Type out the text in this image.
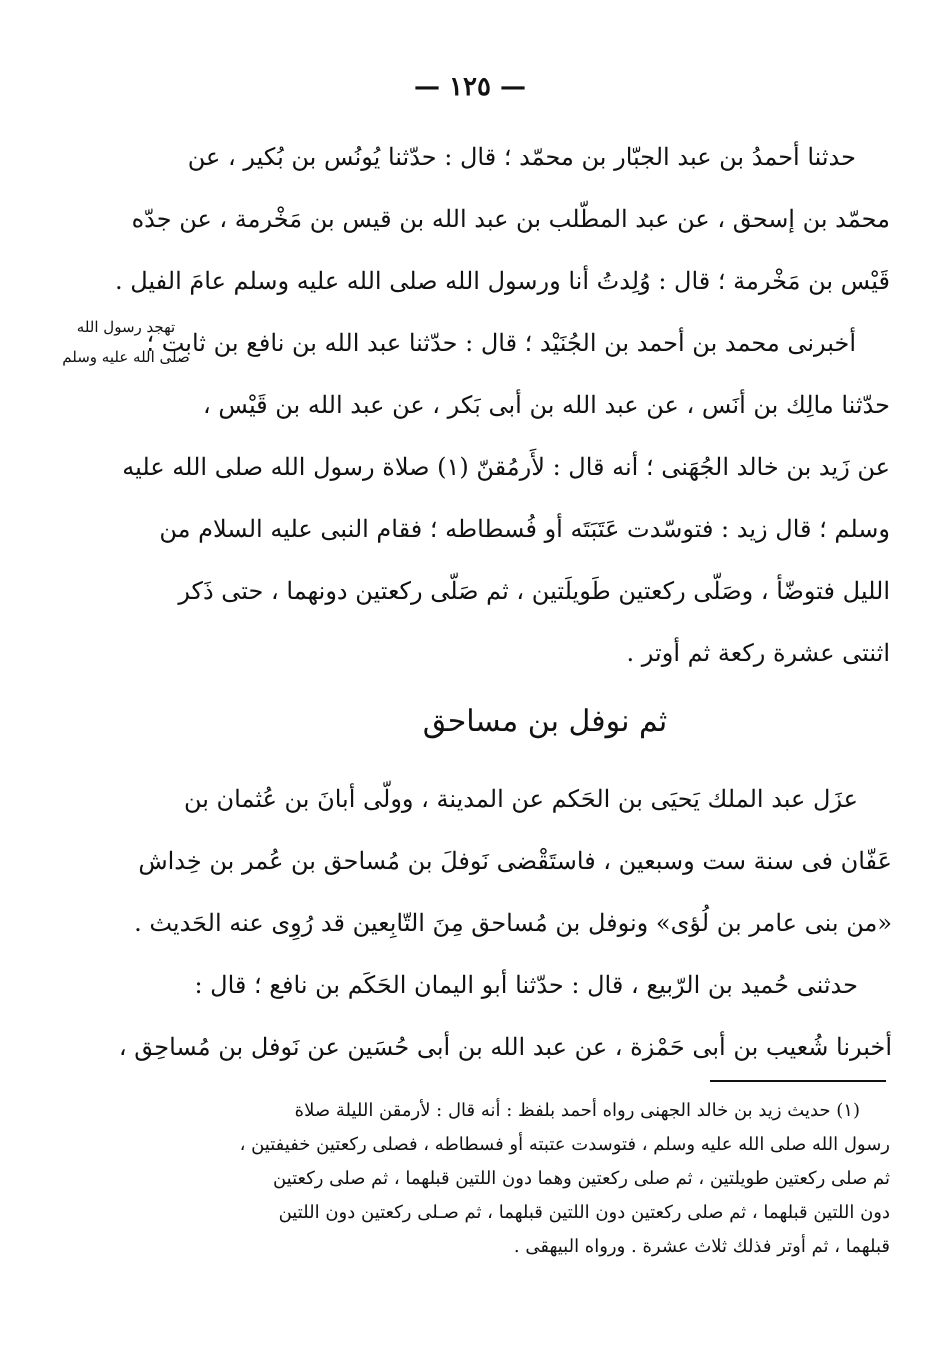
— ١٢٥ —
تهجد رسول الله
صلى الله عليه وسلم
حدثنا أحمدُ بن عبد الجبّار بن محمّد ؛ قال : حدّثنا يُونُس بن بُكير ، عن
محمّد بن إسحق ، عن عبد المطّلب بن عبد الله بن قيس بن مَخْرمة ، عن جدّه
قَيْس بن مَخْرمة ؛ قال : وُلِدتُ أنا ورسول الله صلى الله عليه وسلم عامَ الفيل .
أخبرنى محمد بن أحمد بن الجُنَيْد ؛ قال : حدّثنا عبد الله بن نافع بن ثابت ؛
حدّثنا مالِك بن أنَس ، عن عبد الله بن أبى بَكر ، عن عبد الله بن قَيْس ،
عن زَيد بن خالد الجُهَنى ؛ أنه قال : لأَرمُقنّ (١) صلاة رسول الله صلى الله عليه
وسلم ؛ قال زيد : فتوسّدت عَتَبَتَه أو فُسطاطه ؛ فقام النبى عليه السلام من
الليل فتوضّأ ، وصَلّى ركعتين طَويلَتين ، ثم صَلّى ركعتين دونهما ، حتى ذَكر
اثنتى عشرة ركعة ثم أوتر .
ثم نوفل بن مساحق
عزَل عبد الملك يَحيَى بن الحَكم عن المدينة ، وولّى أبانَ بن عُثمان بن
عَفّان فى سنة ست وسبعين ، فاستَقْضى نَوفلَ بن مُساحق بن عُمر بن خِداش
«من بنى عامر بن لُؤى» ونوفل بن مُساحق مِنَ التّابِعين قد رُوِى عنه الحَديث .
حدثنى حُميد بن الرّبيع ، قال : حدّثنا أبو اليمان الحَكَم بن نافع ؛ قال :
أخبرنا شُعيب بن أبى حَمْزة ، عن عبد الله بن أبى حُسَين عن نَوفل بن مُساحِق ،
(١) حديث زيد بن خالد الجهنى رواه أحمد بلفظ : أنه قال : لأرمقن الليلة صلاة
رسول الله صلى الله عليه وسلم ، فتوسدت عتبته أو فسطاطه ، فصلى ركعتين خفيفتين ،
ثم صلى ركعتين طويلتين ، ثم صلى ركعتين وهما دون اللتين قبلهما ، ثم صلى ركعتين
دون اللتين قبلهما ، ثم صلى ركعتين دون اللتين قبلهما ، ثم صـلى ركعتين دون اللتين
قبلهما ، ثم أوتر فذلك ثلاث عشرة . ورواه البيهقى .
